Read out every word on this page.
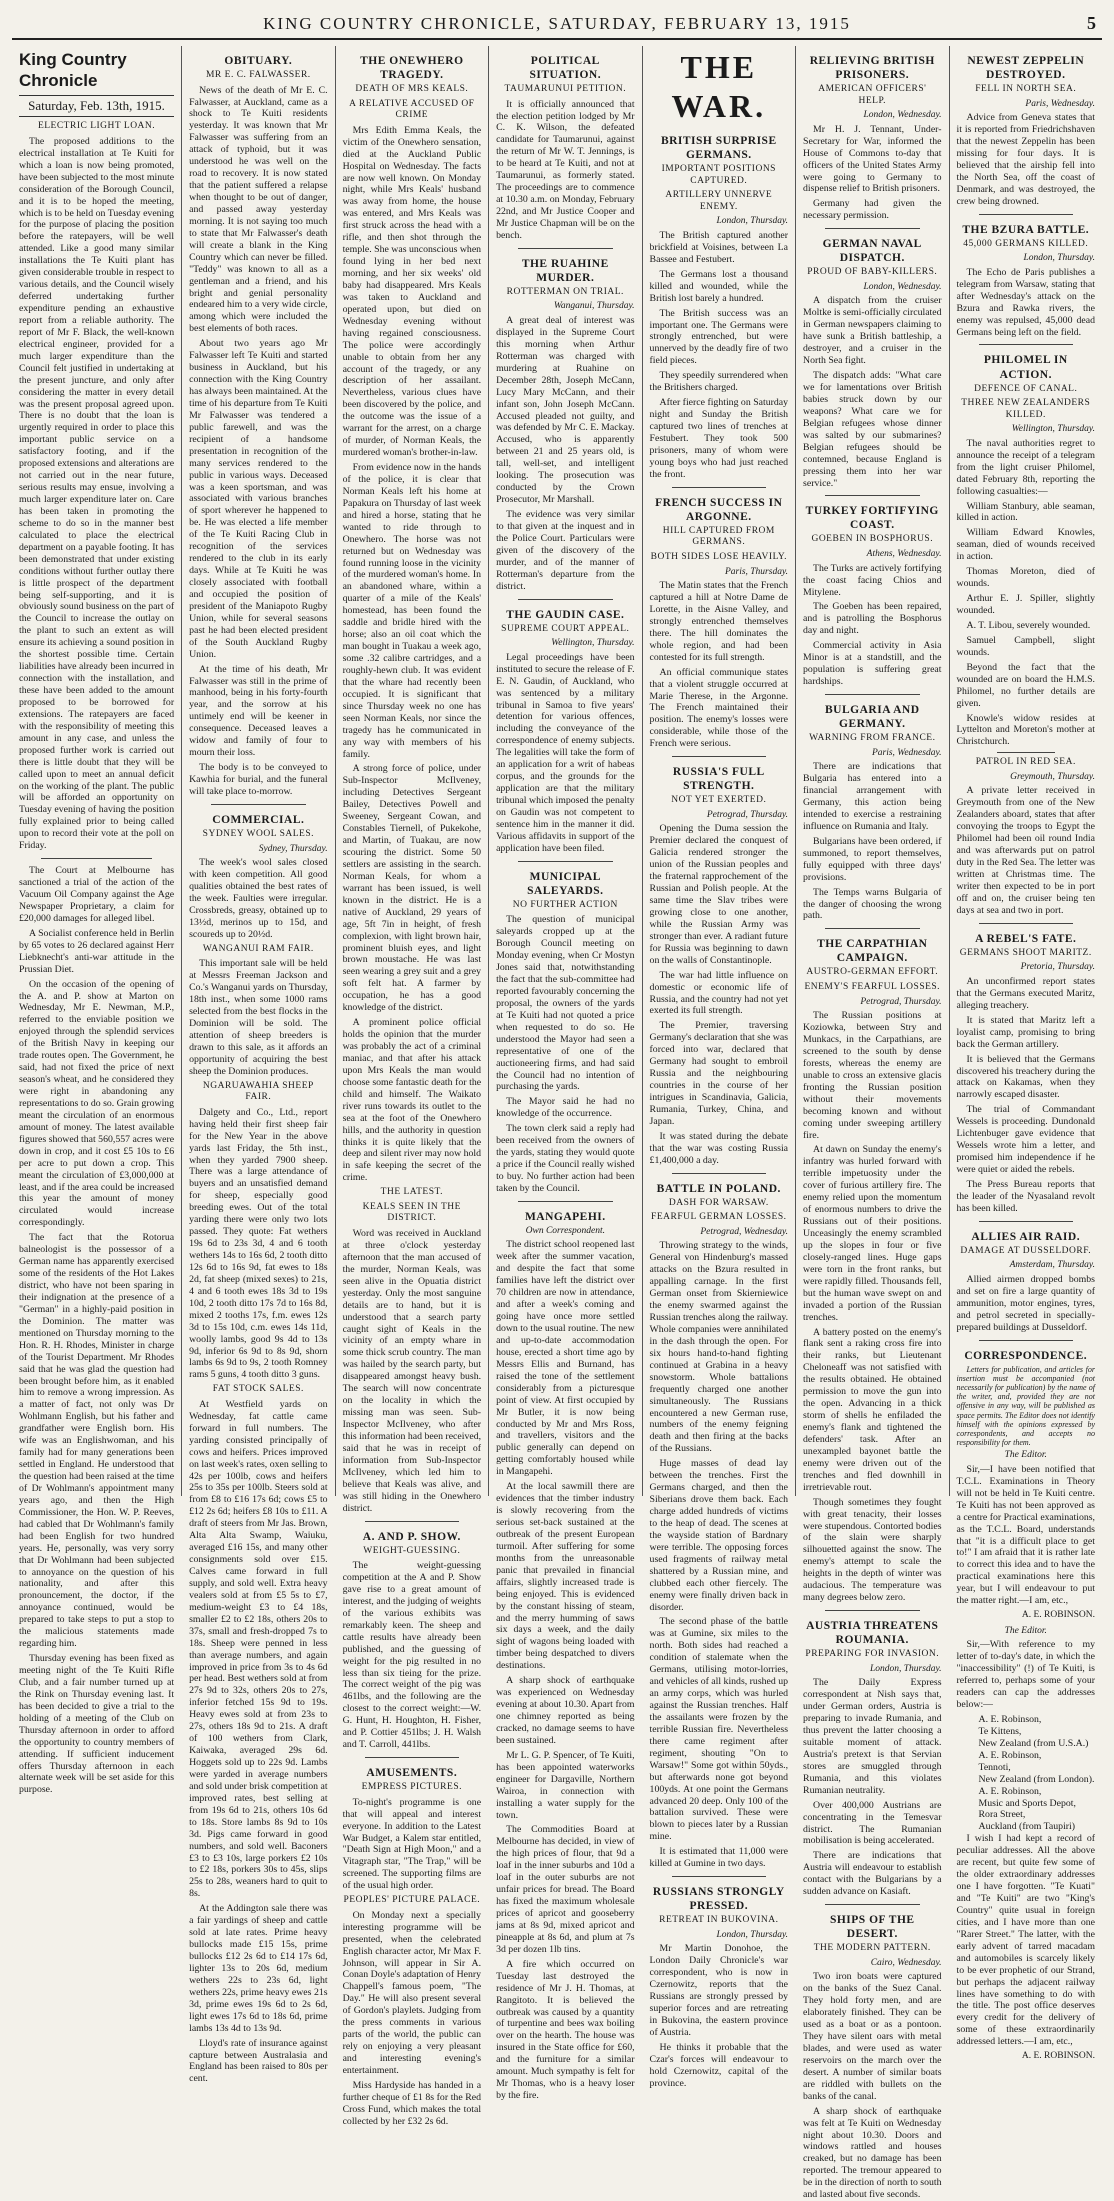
KING COUNTRY CHRONICLE, SATURDAY, FEBRUARY 13, 1915	5
King Country Chronicle
Saturday, Feb. 13th, 1915.
ELECTRIC LIGHT LOAN.

The proposed additions to the electrical installation at Te Kuiti for which a loan is now being promoted, have been subjected to the most minute consideration of the Borough Council, and it is to be hoped the meeting, which is to be held on Tuesday evening for the purpose of placing the position before the ratepayers, will be well attended. Like a good many similar installations the Te Kuiti plant has given considerable trouble in respect to various details, and the Council wisely deferred undertaking further expenditure pending an exhaustive report from a reliable authority. The report of Mr F. Black, the well-known electrical engineer, provided for a much larger expenditure than the Council felt justified in undertaking at the present juncture, and only after considering the matter in every detail was the present proposal agreed upon. There is no doubt that the loan is urgently required in order to place this important public service on a satisfactory footing, and if the proposed extensions and alterations are not carried out in the near future, serious results may ensue, involving a much larger expenditure later on. Care has been taken in promoting the scheme to do so in the manner best calculated to place the electrical department on a payable footing. It has been demonstrated that under existing conditions without further outlay there is little prospect of the department being self-supporting, and it is obviously sound business on the part of the Council to increase the outlay on the plant to such an extent as will ensure its achieving a sound position in the shortest possible time. Certain liabilities have already been incurred in connection with the installation, and these have been added to the amount proposed to be borrowed for extensions. The ratepayers are faced with the responsibility of meeting this amount in any case, and unless the proposed further work is carried out there is little doubt that they will be called upon to meet an annual deficit on the working of the plant. The public will be afforded an opportunity on Tuesday evening of having the position fully explained prior to being called upon to record their vote at the poll on Friday.

The Court at Melbourne has sanctioned a trial of the action of the Vacuum Oil Company against the Age Newspaper Proprietary, a claim for £20,000 damages for alleged libel.

A Socialist conference held in Berlin by 65 votes to 26 declared against Herr Liebknecht's anti-war attitude in the Prussian Diet.

On the occasion of the opening of the A. and P. show at Marton on Wednesday, Mr E. Newman, M.P., referred to the enviable position we enjoyed through the splendid services of the British Navy in keeping our trade routes open. The Government, he said, had not fixed the price of next season's wheat, and he considered they were right in abandoning any representations to do so. Grain growing meant the circulation of an enormous amount of money. The latest available figures showed that 560,557 acres were down in crop, and it cost £5 10s to £6 per acre to put down a crop. This meant the circulation of £3,000,000 at least, and if the area could be increased this year the amount of money circulated would increase correspondingly.

The fact that the Rotorua balneologist is the possessor of a German name has apparently exercised some of the residents of the Hot Lakes district, who have not been sparing in their indignation at the presence of a "German" in a highly-paid position in the Dominion. The matter was mentioned on Thursday morning to the Hon. R. H. Rhodes, Minister in charge of the Tourist Department. Mr Rhodes said that he was glad the question had been brought before him, as it enabled him to remove a wrong impression. As a matter of fact, not only was Dr Wohlmann English, but his father and grandfather were English born. His wife was an Englishwoman, and his family had for many generations been settled in England. He understood that the question had been raised at the time of Dr Wohlmann's appointment many years ago, and then the High Commissioner, the Hon. W. P. Reeves, had cabled that Dr Wohlmann's family had been English for two hundred years. He, personally, was very sorry that Dr Wohlmann had been subjected to annoyance on the question of his nationality, and after this pronouncement, the doctor, if the annoyance continued, would be prepared to take steps to put a stop to the malicious statements made regarding him.

Thursday evening has been fixed as meeting night of the Te Kuiti Rifle Club, and a fair number turned up at the Rink on Thursday evening last. It has been decided to give a trial to the holding of a meeting of the Club on Thursday afternoon in order to afford the opportunity to country members of attending. If sufficient inducement offers Thursday afternoon in each alternate week will be set aside for this purpose.

OBITUARY.
MR E. C. FALWASSER.

News of the death of Mr E. C. Falwasser, at Auckland, came as a shock to Te Kuiti residents yesterday. It was known that Mr Falwasser was suffering from an attack of typhoid, but it was understood he was well on the road to recovery. It is now stated that the patient suffered a relapse when thought to be out of danger, and passed away yesterday morning. It is not saying too much to state that Mr Falwasser's death will create a blank in the King Country which can never be filled. "Teddy" was known to all as a gentleman and a friend, and his bright and genial personality endeared him to a very wide circle, among which were included the best elements of both races.

About two years ago Mr Falwasser left Te Kuiti and started business in Auckland, but his connection with the King Country has always been maintained. At the time of his departure from Te Kuiti Mr Falwasser was tendered a public farewell, and was the recipient of a handsome presentation in recognition of the many services rendered to the public in various ways. Deceased was a keen sportsman, and was associated with various branches of sport wherever he happened to be. He was elected a life member of the Te Kuiti Racing Club in recognition of the services rendered to the club in its early days. While at Te Kuiti he was closely associated with football and occupied the position of president of the Maniapoto Rugby Union, while for several seasons past he had been elected president of the South Auckland Rugby Union.

At the time of his death, Mr Falwasser was still in the prime of manhood, being in his forty-fourth year, and the sorrow at his untimely end will be keener in consequence. Deceased leaves a widow and family of four to mourn their loss.

The body is to be conveyed to Kawhia for burial, and the funeral will take place to-morrow.

COMMERCIAL.
SYDNEY WOOL SALES.
Sydney, Thursday.

The week's wool sales closed with keen competition. All good qualities obtained the best rates of the week. Faulties were irregular. Crossbreds, greasy, obtained up to 13½d, merinos up to 15d, and scoureds up to 20½d.

WANGANUI RAM FAIR.

This important sale will be held at Messrs Freeman Jackson and Co.'s Wanganui yards on Thursday, 18th inst., when some 1000 rams selected from the best flocks in the Dominion will be sold. The attention of sheep breeders is drawn to this sale, as it affords an opportunity of acquiring the best sheep the Dominion produces.

NGARUAWAHIA SHEEP FAIR.

Dalgety and Co., Ltd., report having held their first sheep fair for the New Year in the above yards last Friday, the 5th inst., when they yarded 7900 sheep. There was a large attendance of buyers and an unsatisfied demand for sheep, especially good breeding ewes. Out of the total yarding there were only two lots passed. They quote: Fat wethers 19s 6d to 23s 3d, 4 and 6 tooth wethers 14s to 16s 6d, 2 tooth ditto 12s 6d to 16s 9d, fat ewes to 18s 2d, fat sheep (mixed sexes) to 21s, 4 and 6 tooth ewes 18s 3d to 19s 10d, 2 tooth ditto 17s 7d to 16s 8d, mixed 2 tooths 17s, f.m. ewes 12s 3d to 15s 10d, c.m. ewes 14s 11d, woolly lambs, good 9s 4d to 13s 9d, inferior 6s 9d to 8s 9d, shorn lambs 6s 9d to 9s, 2 tooth Romney rams 5 guns, 4 tooth ditto 3 guns.

FAT STOCK SALES.

At Westfield yards on Wednesday, fat cattle came forward in full numbers. The yarding consisted principally of cows and heifers. Prices improved on last week's rates, oxen selling to 42s per 100lb, cows and heifers 25s to 35s per 100lb. Steers sold at from £8 to £16 17s 6d; cows £5 to £12 2s 6d; heifers £8 10s to £11. A draft of steers from Mr Jas. Brown, Alta Alta Swamp, Waiuku, averaged £16 15s, and many other consignments sold over £15. Calves came forward in full supply, and sold well. Extra heavy vealers sold at from £5 5s to £7, medium-weight £3 to £4 18s, smaller £2 to £2 18s, others 20s to 37s, small and fresh-dropped 7s to 18s. Sheep were penned in less than average numbers, and again improved in price from 3s to 4s 6d per head. Best wethers sold at from 27s 9d to 32s, others 20s to 27s, inferior fetched 15s 9d to 19s. Heavy ewes sold at from 23s to 27s, others 18s 9d to 21s. A draft of 100 wethers from Clark, Kaiwaka, averaged 29s 6d. Hoggets sold up to 22s 9d. Lambs were yarded in average numbers and sold under brisk competition at improved rates, best selling at from 19s 6d to 21s, others 10s 6d to 18s. Store lambs 8s 9d to 10s 3d. Pigs came forward in good numbers, and sold well. Baconers £3 to £3 10s, large porkers £2 10s to £2 18s, porkers 30s to 45s, slips 25s to 28s, weaners hard to quit to 8s.

At the Addington sale there was a fair yardings of sheep and cattle sold at late rates. Prime heavy bullocks made £15 15s, prime bullocks £12 2s 6d to £14 17s 6d, lighter 13s to 20s 6d, medium wethers 22s to 23s 6d, light wethers 22s, prime heavy ewes 21s 3d, prime ewes 19s 6d to 2s 6d, light ewes 17s 6d to 18s 6d, prime lambs 13s 4d to 13s 9d.

Lloyd's rate of insurance against capture between Australasia and England has been raised to 80s per cent.

THE ONEWHERO TRAGEDY.
DEATH OF MRS KEALS.
A RELATIVE ACCUSED OF CRIME

Mrs Edith Emma Keals, the victim of the Onewhero sensation, died at the Auckland Public Hospital on Wednesday. The facts are now well known. On Monday night, while Mrs Keals' husband was away from home, the house was entered, and Mrs Keals was first struck across the head with a rifle, and then shot through the temple. She was unconscious when found lying in her bed next morning, and her six weeks' old baby had disappeared. Mrs Keals was taken to Auckland and operated upon, but died on Wednesday evening without having regained consciousness. The police were accordingly unable to obtain from her any account of the tragedy, or any description of her assailant. Nevertheless, various clues have been discovered by the police, and the outcome was the issue of a warrant for the arrest, on a charge of murder, of Norman Keals, the murdered woman's brother-in-law.

From evidence now in the hands of the police, it is clear that Norman Keals left his home at Papakura on Thursday of last week and hired a horse, stating that he wanted to ride through to Onewhero. The horse was not returned but on Wednesday was found running loose in the vicinity of the murdered woman's home. In an abandoned whare, within a quarter of a mile of the Keals' homestead, has been found the saddle and bridle hired with the horse; also an oil coat which the man bought in Tuakau a week ago, some .32 calibre cartridges, and a roughly-hewn club. It was evident that the whare had recently been occupied. It is significant that since Thursday week no one has seen Norman Keals, nor since the tragedy has he communicated in any way with members of his family.

A strong force of police, under Sub-Inspector McIlveney, including Detectives Sergeant Bailey, Detectives Powell and Sweeney, Sergeant Cowan, and Constables Tiernell, of Pukekohe, and Martin, of Tuakau, are now scouring the district. Some 50 settlers are assisting in the search. Norman Keals, for whom a warrant has been issued, is well known in the district. He is a native of Auckland, 29 years of age, 5ft 7in in height, of fresh complexion, with light brown hair, prominent bluish eyes, and light brown moustache. He was last seen wearing a grey suit and a grey soft felt hat. A farmer by occupation, he has a good knowledge of the district.

A prominent police official holds the opinion that the murder was probably the act of a criminal maniac, and that after his attack upon Mrs Keals the man would choose some fantastic death for the child and himself. The Waikato river runs towards its outlet to the sea at the foot of the Onewhero hills, and the authority in question thinks it is quite likely that the deep and silent river may now hold in safe keeping the secret of the crime.

THE LATEST.
KEALS SEEN IN THE DISTRICT.

Word was received in Auckland at three o'clock yesterday afternoon that the man accused of the murder, Norman Keals, was seen alive in the Opuatia district yesterday. Only the most sanguine details are to hand, but it is understood that a search party caught sight of Keals in the vicinity of an empty whare in some thick scrub country. The man was hailed by the search party, but disappeared amongst heavy bush. The search will now concentrate on the locality in which the missing man was seen. Sub-Inspector McIlveney, who after this information had been received, said that he was in receipt of information from Sub-Inspector McIlveney, which led him to believe that Keals was alive, and was still hiding in the Onewhero district.

A. AND P. SHOW.
WEIGHT-GUESSING.

The weight-guessing competition at the A and P. Show gave rise to a great amount of interest, and the judging of weights of the various exhibits was remarkably keen. The sheep and cattle results have already been published, and the guessing of weight for the pig resulted in no less than six tieing for the prize. The correct weight of the pig was 461lbs, and the following are the closest to the correct weight:—W. G. Hunt, H. Houghton, H. Fisher, and P. Cottier 451lbs; J. H. Walsh and T. Carroll, 441lbs.

AMUSEMENTS.
EMPRESS PICTURES.

To-night's programme is one that will appeal and interest everyone. In addition to the Latest War Budget, a Kalem star entitled, "Death Sign at High Moon," and a Vitagraph star, "The Trap," will be screened. The supporting films are of the usual high order.

PEOPLES' PICTURE PALACE.

On Monday next a specially interesting programme will be presented, when the celebrated English character actor, Mr Max F. Johnson, will appear in Sir A. Conan Doyle's adaptation of Henry Chappell's famous poem, "The Day." He will also present several of Gordon's playlets. Judging from the press comments in various parts of the world, the public can rely on enjoying a very pleasant and interesting evening's entertainment.

Miss Hardyside has handed in a further cheque of £1 8s for the Red Cross Fund, which makes the total collected by her £32 2s 6d.

POLITICAL SITUATION.
TAUMARUNUI PETITION.

It is officially announced that the election petition lodged by Mr C. K. Wilson, the defeated candidate for Taumarunui, against the return of Mr W. T. Jennings, is to be heard at Te Kuiti, and not at Taumarunui, as formerly stated. The proceedings are to commence at 10.30 a.m. on Monday, February 22nd, and Mr Justice Cooper and Mr Justice Chapman will be on the bench.

THE RUAHINE MURDER.
ROTTERMAN ON TRIAL.
Wanganui, Thursday.

A great deal of interest was displayed in the Supreme Court this morning when Arthur Rotterman was charged with murdering at Ruahine on December 28th, Joseph McCann, Lucy Mary McCann, and their infant son, John Joseph McCann. Accused pleaded not guilty, and was defended by Mr C. E. Mackay. Accused, who is apparently between 21 and 25 years old, is tall, well-set, and intelligent looking. The prosecution was conducted by the Crown Prosecutor, Mr Marshall.

The evidence was very similar to that given at the inquest and in the Police Court. Particulars were given of the discovery of the murder, and of the manner of Rotterman's departure from the district.

THE GAUDIN CASE.
SUPREME COURT APPEAL.
Wellington, Thursday.

Legal proceedings have been instituted to secure the release of F. E. N. Gaudin, of Auckland, who was sentenced by a military tribunal in Samoa to five years' detention for various offences, including the conveyance of the correspondence of enemy subjects. The legalities will take the form of an application for a writ of habeas corpus, and the grounds for the application are that the military tribunal which imposed the penalty on Gaudin was not competent to sentence him in the manner it did. Various affidavits in support of the application have been filed.

MUNICIPAL SALEYARDS.
NO FURTHER ACTION

The question of municipal saleyards cropped up at the Borough Council meeting on Monday evening, when Cr Mostyn Jones said that, notwithstanding the fact that the sub-committee had reported favourably concerning the proposal, the owners of the yards at Te Kuiti had not quoted a price when requested to do so. He understood the Mayor had seen a representative of one of the auctioneering firms, and had said the Council had no intention of purchasing the yards.

The Mayor said he had no knowledge of the occurrence.

The town clerk said a reply had been received from the owners of the yards, stating they would quote a price if the Council really wished to buy. No further action had been taken by the Council.

MANGAPEHI.
Own Correspondent.

The district school reopened last week after the summer vacation, and despite the fact that some families have left the district over 70 children are now in attendance, and after a week's coming and going have once more settled down to the usual routine. The new and up-to-date accommodation house, erected a short time ago by Messrs Ellis and Burnand, has raised the tone of the settlement considerably from a picturesque point of view. At first occupied by Mr Butler, it is now being conducted by Mr and Mrs Ross, and travellers, visitors and the public generally can depend on getting comfortably housed while in Mangapehi.

At the local sawmill there are evidences that the timber industry is slowly recovering from the serious set-back sustained at the outbreak of the present European turmoil. After suffering for some months from the unreasonable panic that prevailed in financial affairs, slightly increased trade is being enjoyed. This is evidenced by the constant hissing of steam, and the merry humming of saws six days a week, and the daily sight of wagons being loaded with timber being despatched to divers destinations.

A sharp shock of earthquake was experienced on Wednesday evening at about 10.30. Apart from one chimney reported as being cracked, no damage seems to have been sustained.

Mr L. G. P. Spencer, of Te Kuiti, has been appointed waterworks engineer for Dargaville, Northern Wairoa, in connection with installing a water supply for the town.

The Commodities Board at Melbourne has decided, in view of the high prices of flour, that 9d a loaf in the inner suburbs and 10d a loaf in the outer suburbs are not unfair prices for bread. The Board has fixed the maximum wholesale prices of apricot and gooseberry jams at 8s 9d, mixed apricot and pineapple at 8s 6d, and plum at 7s 3d per dozen 1lb tins.

A fire which occurred on Tuesday last destroyed the residence of Mr J. H. Thomas, at Rangitoto. It is believed the outbreak was caused by a quantity of turpentine and bees wax boiling over on the hearth. The house was insured in the State office for £60, and the furniture for a similar amount. Much sympathy is felt for Mr Thomas, who is a heavy loser by the fire.

THE WAR.
BRITISH SURPRISE GERMANS.
IMPORTANT POSITIONS CAPTURED.
ARTILLERY UNNERVE ENEMY.
London, Thursday.

The British captured another brickfield at Voisines, between La Bassee and Festubert.

The Germans lost a thousand killed and wounded, while the British lost barely a hundred.

The British success was an important one. The Germans were strongly entrenched, but were unnerved by the deadly fire of two field pieces.

They speedily surrendered when the Britishers charged.

After fierce fighting on Saturday night and Sunday the British captured two lines of trenches at Festubert. They took 500 prisoners, many of whom were young boys who had just reached the front.

FRENCH SUCCESS IN ARGONNE.
HILL CAPTURED FROM GERMANS.
BOTH SIDES LOSE HEAVILY.
Paris, Thursday.

The Matin states that the French captured a hill at Notre Dame de Lorette, in the Aisne Valley, and strongly entrenched themselves there. The hill dominates the whole region, and had been contested for its full strength.

An official communique states that a violent struggle occurred at Marie Therese, in the Argonne. The French maintained their position. The enemy's losses were considerable, while those of the French were serious.

RUSSIA'S FULL STRENGTH.
NOT YET EXERTED.
Petrograd, Thursday.

Opening the Duma session the Premier declared the conquest of Galicia rendered stronger the union of the Russian peoples and the fraternal rapprochement of the Russian and Polish people. At the same time the Slav tribes were growing close to one another, while the Russian Army was stronger than ever. A radiant future for Russia was beginning to dawn on the walls of Constantinople.

The war had little influence on domestic or economic life of Russia, and the country had not yet exerted its full strength.

The Premier, traversing Germany's declaration that she was forced into war, declared that Germany had sought to embroil Russia and the neighbouring countries in the course of her intrigues in Scandinavia, Galicia, Rumania, Turkey, China, and Japan.

It was stated during the debate that the war was costing Russia £1,400,000 a day.

BATTLE IN POLAND.
DASH FOR WARSAW.
FEARFUL GERMAN LOSSES.
Petrograd, Wednesday.

Throwing strategy to the winds, General von Hindenburg's massed attacks on the Bzura resulted in appalling carnage. In the first German onset from Skierniewice the enemy swarmed against the Russian trenches along the railway. Whole companies were annihilated in the dash through the open. For six hours hand-to-hand fighting continued at Grabina in a heavy snowstorm. Whole battalions frequently charged one another simultaneously. The Russians encountered a new German ruse, numbers of the enemy feigning death and then firing at the backs of the Russians.

Huge masses of dead lay between the trenches. First the Germans charged, and then the Siberians drove them back. Each charge added hundreds of victims to the heap of dead. The scenes at the wayside station of Bardnary were terrible. The opposing forces used fragments of railway metal shattered by a Russian mine, and clubbed each other fiercely. The enemy were finally driven back in disorder.

The second phase of the battle was at Gumine, six miles to the north. Both sides had reached a condition of stalemate when the Germans, utilising motor-lorries, and vehicles of all kinds, rushed up an army corps, which was hurled against the Russian trenches. Half the assailants were frozen by the terrible Russian fire. Nevertheless there came regiment after regiment, shouting "On to Warsaw!" Some got within 50yds., but afterwards none got beyond 100yds. At one point the Germans advanced 20 deep. Only 100 of the battalion survived. These were blown to pieces later by a Russian mine.

It is estimated that 11,000 were killed at Gumine in two days.

RUSSIANS STRONGLY PRESSED.
RETREAT IN BUKOVINA.
London, Thursday.

Mr Martin Donohoe, the London Daily Chronicle's war correspondent, who is now in Czernowitz, reports that the Russians are strongly pressed by superior forces and are retreating in Bukovina, the eastern province of Austria.

He thinks it probable that the Czar's forces will endeavour to hold Czernowitz, capital of the province.

RELIEVING BRITISH PRISONERS.
AMERICAN OFFICERS' HELP.
London, Wednesday.

Mr H. J. Tennant, Under-Secretary for War, informed the House of Commons to-day that officers of the United States Army were going to Germany to dispense relief to British prisoners.

Germany had given the necessary permission.

GERMAN NAVAL DISPATCH.
PROUD OF BABY-KILLERS.
London, Wednesday.

A dispatch from the cruiser Moltke is semi-officially circulated in German newspapers claiming to have sunk a British battleship, a destroyer, and a cruiser in the North Sea fight.

The dispatch adds: "What care we for lamentations over British babies struck down by our weapons? What care we for Belgian refugees whose dinner was salted by our submarines? Belgian refugees should be contemned, because England is pressing them into her war service."

TURKEY FORTIFYING COAST.
GOEBEN IN BOSPHORUS.
Athens, Wednesday.

The Turks are actively fortifying the coast facing Chios and Mitylene.

The Goeben has been repaired, and is patrolling the Bosphorus day and night.

Commercial activity in Asia Minor is at a standstill, and the population is suffering great hardships.

BULGARIA AND GERMANY.
WARNING FROM FRANCE.
Paris, Wednesday.

There are indications that Bulgaria has entered into a financial arrangement with Germany, this action being intended to exercise a restraining influence on Rumania and Italy.

Bulgarians have been ordered, if summoned, to report themselves, fully equipped with three days' provisions.

The Temps warns Bulgaria of the danger of choosing the wrong path.

THE CARPATHIAN CAMPAIGN.
AUSTRO-GERMAN EFFORT.
ENEMY'S FEARFUL LOSSES.
Petrograd, Thursday.

The Russian positions at Koziowka, between Stry and Munkacs, in the Carpathians, are screened to the south by dense forests, whereas the enemy are unable to cross an extensive glacis fronting the Russian position without their movements becoming known and without coming under sweeping artillery fire.

At dawn on Sunday the enemy's infantry was hurled forward with terrible impetuosity under the cover of furious artillery fire. The enemy relied upon the momentum of enormous numbers to drive the Russians out of their positions. Unceasingly the enemy scrambled up the slopes in four or five closely-ranged lines. Huge gaps were torn in the front ranks, but were rapidly filled. Thousands fell, but the human wave swept on and invaded a portion of the Russian trenches.

A battery posted on the enemy's flank sent a raking cross fire into their ranks, but Lieutenant Cheloneaff was not satisfied with the results obtained. He obtained permission to move the gun into the open. Advancing in a thick storm of shells he enfiladed the enemy's flank and tightened the defenders' task. After an unexampled bayonet battle the enemy were driven out of the trenches and fled downhill in irretrievable rout.

Though sometimes they fought with great tenacity, their losses were stupendous. Contorted bodies of the slain were sharply silhouetted against the snow. The enemy's attempt to scale the heights in the depth of winter was audacious. The temperature was many degrees below zero.

AUSTRIA THREATENS ROUMANIA.
PREPARING FOR INVASION.
London, Thursday.

The Daily Express correspondent at Nish says that, under German orders, Austria is preparing to invade Rumania, and thus prevent the latter choosing a suitable moment of attack. Austria's pretext is that Servian stores are smuggled through Rumania, and this violates Rumanian neutrality.

Over 400,000 Austrians are concentrating in the Temesvar district. The Rumanian mobilisation is being accelerated.

There are indications that Austria will endeavour to establish contact with the Bulgarians by a sudden advance on Kasiaft.

SHIPS OF THE DESERT.
THE MODERN PATTERN.
Cairo, Wednesday.

Two iron boats were captured on the banks of the Suez Canal. They hold forty men, and are elaborately finished. They can be used as a boat or as a pontoon. They have silent oars with metal blades, and were used as water reservoirs on the march over the desert. A number of similar boats are riddled with bullets on the banks of the canal.

A sharp shock of earthquake was felt at Te Kuiti on Wednesday night about 10.30. Doors and windows rattled and houses creaked, but no damage has been reported. The tremour appeared to be in the direction of north to south and lasted about five seconds.

NEWEST ZEPPELIN DESTROYED.
FELL IN NORTH SEA.
Paris, Wednesday.

Advice from Geneva states that it is reported from Friedrichshaven that the newest Zeppelin has been missing for four days. It is believed that the airship fell into the North Sea, off the coast of Denmark, and was destroyed, the crew being drowned.

THE BZURA BATTLE.
45,000 GERMANS KILLED.
London, Thursday.

The Echo de Paris publishes a telegram from Warsaw, stating that after Wednesday's attack on the Bzura and Rawka rivers, the enemy was repulsed, 45,000 dead Germans being left on the field.

PHILOMEL IN ACTION.
DEFENCE OF CANAL.
THREE NEW ZEALANDERS KILLED.
Wellington, Thursday.

The naval authorities regret to announce the receipt of a telegram from the light cruiser Philomel, dated February 8th, reporting the following casualties:—

William Stanbury, able seaman, killed in action.

William Edward Knowles, seaman, died of wounds received in action.

Thomas Moreton, died of wounds.

Arthur E. J. Spiller, slightly wounded.

A. T. Libou, severely wounded.

Samuel Campbell, slight wounds.

Beyond the fact that the wounded are on board the H.M.S. Philomel, no further details are given.

Knowle's widow resides at Lyttelton and Moreton's mother at Christchurch.

PATROL IN RED SEA.
Greymouth, Thursday.

A private letter received in Greymouth from one of the New Zealanders aboard, states that after convoying the troops to Egypt the Philomel had been oil round India and was afterwards put on patrol duty in the Red Sea. The letter was written at Christmas time. The writer then expected to be in port off and on, the cruiser being ten days at sea and two in port.

A REBEL'S FATE.
GERMANS SHOOT MARITZ.
Pretoria, Thursday.

An unconfirmed report states that the Germans executed Maritz, alleging treachery.

It is stated that Maritz left a loyalist camp, promising to bring back the German artillery.

It is believed that the Germans discovered his treachery during the attack on Kakamas, when they narrowly escaped disaster.

The trial of Commandant Wessels is proceeding. Dundonald Lichtenbuger gave evidence that Wessels wrote him a letter, and promised him independence if he were quiet or aided the rebels.

The Press Bureau reports that the leader of the Nyasaland revolt has been killed.

ALLIES AIR RAID.
DAMAGE AT DUSSELDORF.
Amsterdam, Thursday.

Allied airmen dropped bombs and set on fire a large quantity of ammunition, motor engines, tyres, and petrol secreted in specially-prepared buildings at Dusseldorf.

CORRESPONDENCE.

Letters for publication, and articles for insertion must be accompanied (not necessarily for publication) by the name of the writer, and, provided they are not offensive in any way, will be published as space permits. The Editor does not identify himself with the opinions expressed by correspondents, and accepts no responsibility for them.

The Editor.

Sir,—I have been notified that T.C.L. Examinations in Theory will not be held in Te Kuiti centre. Te Kuiti has not been approved as a centre for Practical examinations, as the T.C.L. Board, understands that "it is a difficult place to get to!" I am afraid that it is rather late to correct this idea and to have the practical examinations here this year, but I will endeavour to put the matter right.—I am, etc.,

A. E. ROBINSON.
The Editor.

Sir,—With reference to my letter of to-day's date, in which the "inaccessibility" (!) of Te Kuiti, is referred to, perhaps some of your readers can cap the addresses below:—

A. E. Robinson,

Te Kittens,

New Zealand (from U.S.A.)

A. E. Robinson,

Tennoti,

New Zealand (from London).

A. E. Robinson,

Music and Sports Depot,

Rora Street,

Auckland (from Taupiri)

I wish I had kept a record of peculiar addresses. All the above are recent, but quite few some of the older extraordinary addresses one I have forgotten. "Te Kuati" and "Te Kuiti" are two "King's Country" quite usual in foreign cities, and I have more than one "Rarer Street." The latter, with the early advent of tarred macadam and automobiles is scarcely likely to be ever prophetic of our Strand, but perhaps the adjacent railway lines have something to do with the title. The post office deserves every credit for the delivery of some of these extraordinarily addressed letters.—I am, etc.,

A. E. ROBINSON.
